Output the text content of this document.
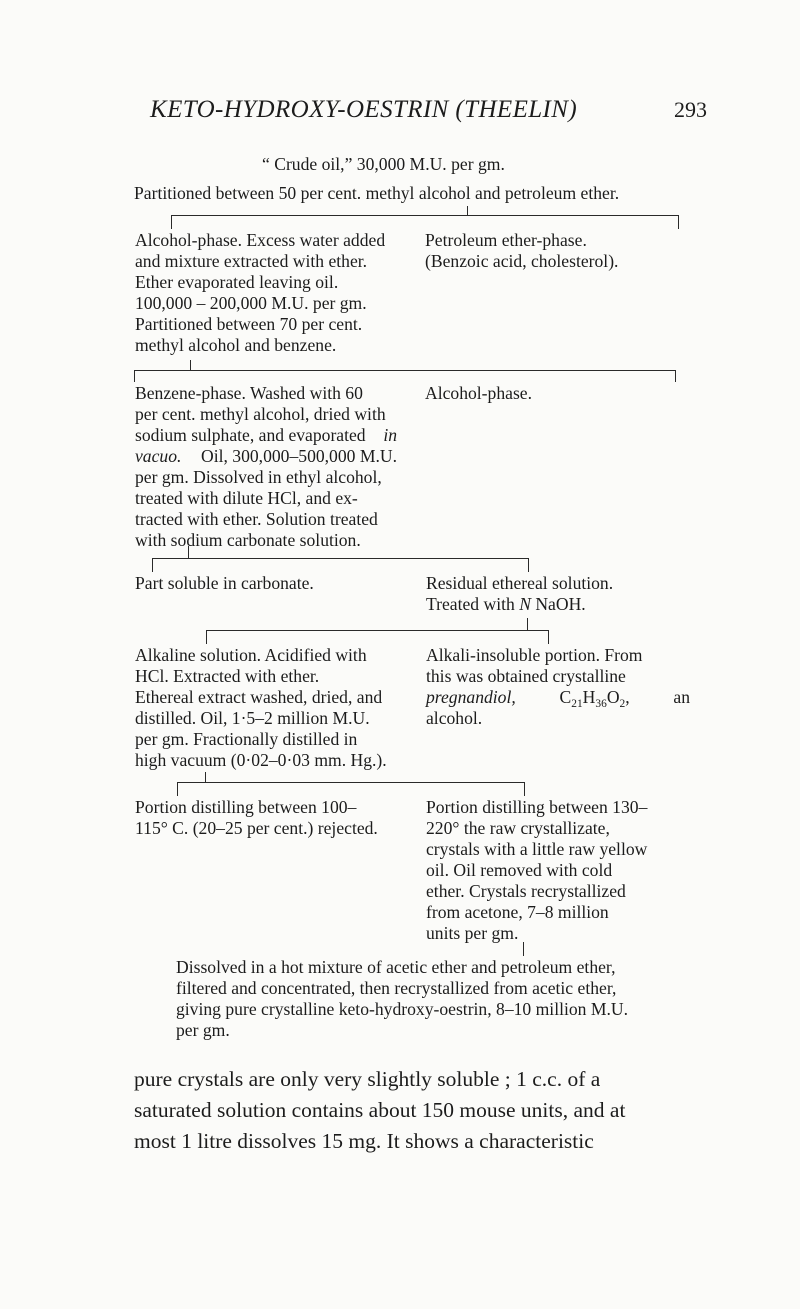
KETO-HYDROXY-OESTRIN (THEELIN)	293
“ Crude oil,” 30,000 M.U. per gm.
Partitioned between 50 per cent. methyl alcohol and petroleum ether.
Alcohol-phase. Excess water added
and mixture extracted with ether.
Ether evaporated leaving oil.
100,000 – 200,000 M.U. per gm.
Partitioned between 70 per cent.
methyl alcohol and benzene.
Petroleum ether-phase.
(Benzoic acid, cholesterol).
Benzene-phase. Washed with 60
per cent. methyl alcohol, dried with
sodium sulphate, and evaporated in
vacuo. Oil, 300,000–500,000 M.U.
per gm. Dissolved in ethyl alcohol,
treated with dilute HCl, and ex-
tracted with ether. Solution treated
with sodium carbonate solution.
Alcohol-phase.
Part soluble in carbonate.	Residual ethereal solution.
Treated with N NaOH.
Alkaline solution. Acidified with
HCl. Extracted with ether.
Ethereal extract washed, dried, and
distilled. Oil, 1·5–2 million M.U.
per gm. Fractionally distilled in
high vacuum (0·02–0·03 mm. Hg.).
Alkali-insoluble portion. From
this was obtained crystalline
pregnandiol, $C_{21}H_{36}O_2$, an
alcohol.
Portion distilling between 100–
115° C. (20–25 per cent.) rejected.
Portion distilling between 130–
220° the raw crystallizate,
crystals with a little raw yellow
oil. Oil removed with cold
ether. Crystals recrystallized
from acetone, 7–8 million
units per gm.
Dissolved in a hot mixture of acetic ether and petroleum ether,
filtered and concentrated, then recrystallized from acetic ether,
giving pure crystalline keto-hydroxy-oestrin, 8–10 million M.U.
per gm.
pure crystals are only very slightly soluble ; 1 c.c. of a
saturated solution contains about 150 mouse units, and at
most 1 litre dissolves 15 mg. It shows a characteristic
